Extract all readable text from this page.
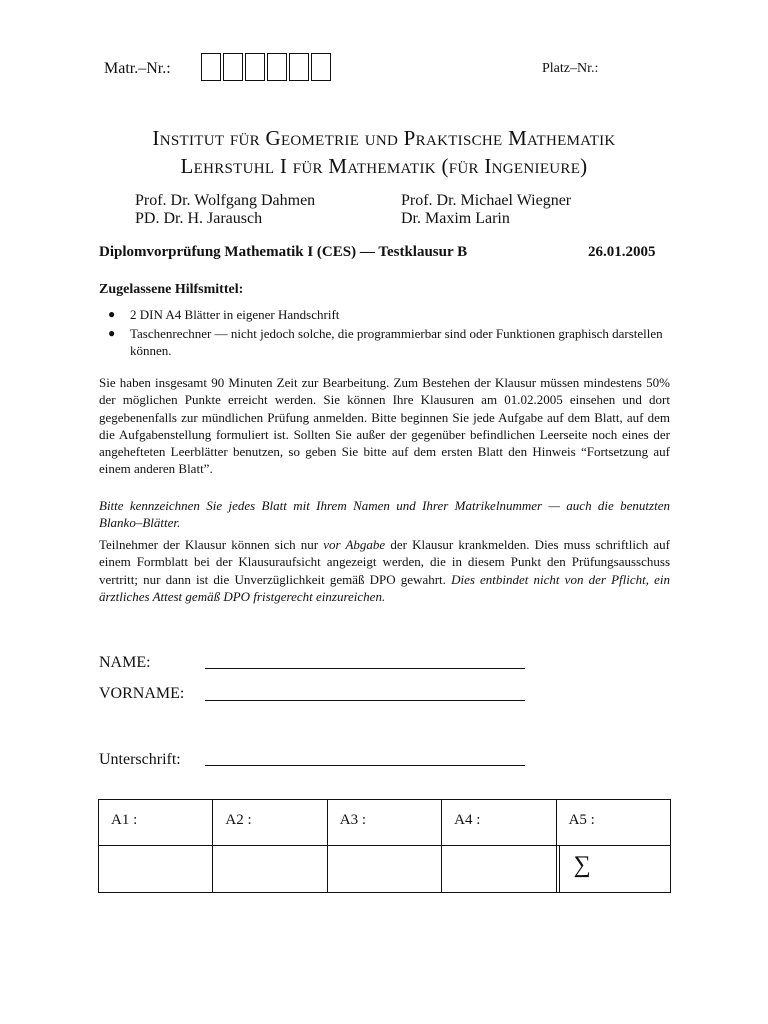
Matr.–Nr.:	Platz–Nr.:
Institut für Geometrie und Praktische Mathematik
Lehrstuhl I für Mathematik (für Ingenieure)
Prof. Dr. Wolfgang Dahmen
PD. Dr. H. Jarausch
Prof. Dr. Michael Wiegner
Dr. Maxim Larin
Diplomvorprüfung Mathematik I (CES) — Testklausur B	26.01.2005
Zugelassene Hilfsmittel:
●	2 DIN A4 Blätter in eigener Handschrift
●	Taschenrechner — nicht jedoch solche, die programmierbar sind oder Funktionen graphisch darstellen können.
Sie haben insgesamt 90 Minuten Zeit zur Bearbeitung. Zum Bestehen der Klausur müssen mindestens 50% der möglichen Punkte erreicht werden. Sie können Ihre Klausuren am 01.02.2005 einsehen und dort gegebenenfalls zur mündlichen Prüfung anmelden. Bitte beginnen Sie jede Aufgabe auf dem Blatt, auf dem die Aufgabenstellung formuliert ist. Sollten Sie außer der gegenüber befindlichen Leerseite noch eines der angehefteten Leerblätter benutzen, so geben Sie bitte auf dem ersten Blatt den Hinweis “Fortsetzung auf einem anderen Blatt”.
Bitte kennzeichnen Sie jedes Blatt mit Ihrem Namen und Ihrer Matrikelnummer — auch die benutzten Blanko–Blätter.
Teilnehmer der Klausur können sich nur vor Abgabe der Klausur krankmelden. Dies muss schriftlich auf einem Formblatt bei der Klausuraufsicht angezeigt werden, die in diesem Punkt den Prüfungsausschuss vertritt; nur dann ist die Unverzüglichkeit gemäß DPO gewahrt. Dies entbindet nicht von der Pflicht, ein ärztliches Attest gemäß DPO fristgerecht einzureichen.
NAME:
VORNAME:
Unterschrift:
A1 :	A2 :	A3 :	A4 :	A5 :

				∑
